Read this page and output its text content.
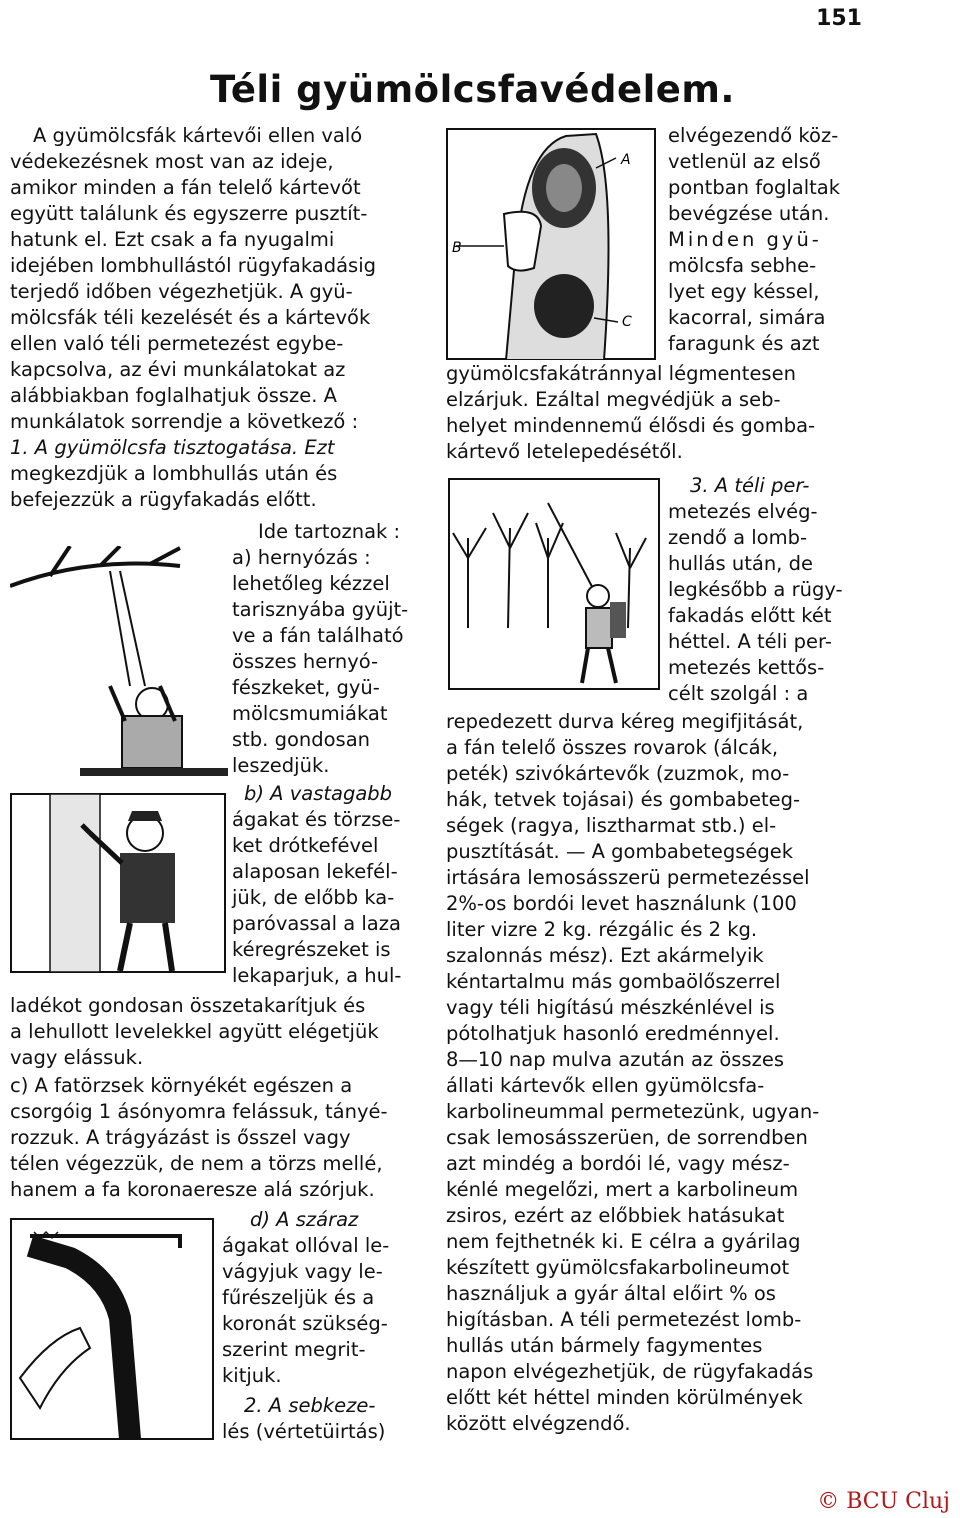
151
Téli gyümölcsfavédelem.
A
B
C
A gyümölcsfák kártevői ellen való
védekezésnek most van az ideje,
amikor minden a fán telelő kártevőt
együtt találunk és egyszerre pusztít-
hatunk el. Ezt csak a fa nyugalmi
idejében lombhullástól rügyfakadásig
terjedő időben végezhetjük. A gyü-
mölcsfák téli kezelését és a kártevők
ellen való téli permetezést egybe-
kapcsolva, az évi munkálatokat az
alábbiakban foglalhatjuk össze. A
munkálatok sorrendje a következő :
1. A gyümölcsfa tisztogatása. Ezt
megkezdjük a lombhullás után és
befejezzük a rügyfakadás előtt.
Ide tartoznak :
a) hernyózás :
lehetőleg kézzel
tarisznyába gyüjt-
ve a fán található
összes hernyó-
fészkeket, gyü-
mölcsmumiákat
stb. gondosan
leszedjük.
b) A vastagabb
ágakat és törzse-
ket drótkefével
alaposan lekefél-
jük, de előbb ka-
paróvassal a laza
kéregrészeket is
lekaparjuk, a hul-
ladékot gondosan összetakarítjuk és
a lehullott levelekkel agyütt elégetjük
vagy elássuk.
c) A fatörzsek környékét egészen a
csorgóig 1 ásónyomra felássuk, tányé-
rozzuk. A trágyázást is ősszel vagy
télen végezzük, de nem a törzs mellé,
hanem a fa koronaeresze alá szórjuk.
d) A száraz
ágakat ollóval le-
vágyjuk vagy le-
fűrészeljük és a
koronát szükség-
szerint megrit-
kitjuk.
2. A sebkeze-
lés (vértetüirtás)
elvégezendő köz-
vetlenül az első
pontban foglaltak
bevégzése után.
Minden gyü-
mölcsfa sebhe-
lyet egy késsel,
kacorral, simára
faragunk és azt
gyümölcsfakátránnyal légmentesen
elzárjuk. Ezáltal megvédjük a seb-
helyet mindennemű élősdi és gomba-
kártevő letelepedésétől.
3. A téli per-
metezés elvég-
zendő a lomb-
hullás után, de
legkésőbb a rügy-
fakadás előtt két
héttel. A téli per-
metezés kettős-
célt szolgál : a
repedezett durva kéreg megifjitását,
a fán telelő összes rovarok (álcák,
peték) szivókártevők (zuzmok, mo-
hák, tetvek tojásai) és gombabeteg-
ségek (ragya, lisztharmat stb.) el-
pusztítását. — A gombabetegségek
irtására lemosásszerü permetezéssel
2%-os bordói levet használunk (100
liter vizre 2 kg. rézgálic és 2 kg.
szalonnás mész). Ezt akármelyik
kéntartalmu más gombaölőszerrel
vagy téli higítású mészkénlével is
pótolhatjuk hasonló eredménnyel.
8—10 nap mulva azután az összes
állati kártevők ellen gyümölcsfa-
karbolineummal permetezünk, ugyan-
csak lemosásszerüen, de sorrendben
azt mindég a bordói lé, vagy mész-
kénlé megelőzi, mert a karbolineum
zsiros, ezért az előbbiek hatásukat
nem fejthetnék ki. E célra a gyárilag
készített gyümölcsfakarbolineumot
használjuk a gyár által előirt % os
higításban. A téli permetezést lomb-
hullás után bármely fagymentes
napon elvégezhetjük, de rügyfakadás
előtt két héttel minden körülmények
között elvégzendő.
© BCU Cluj
